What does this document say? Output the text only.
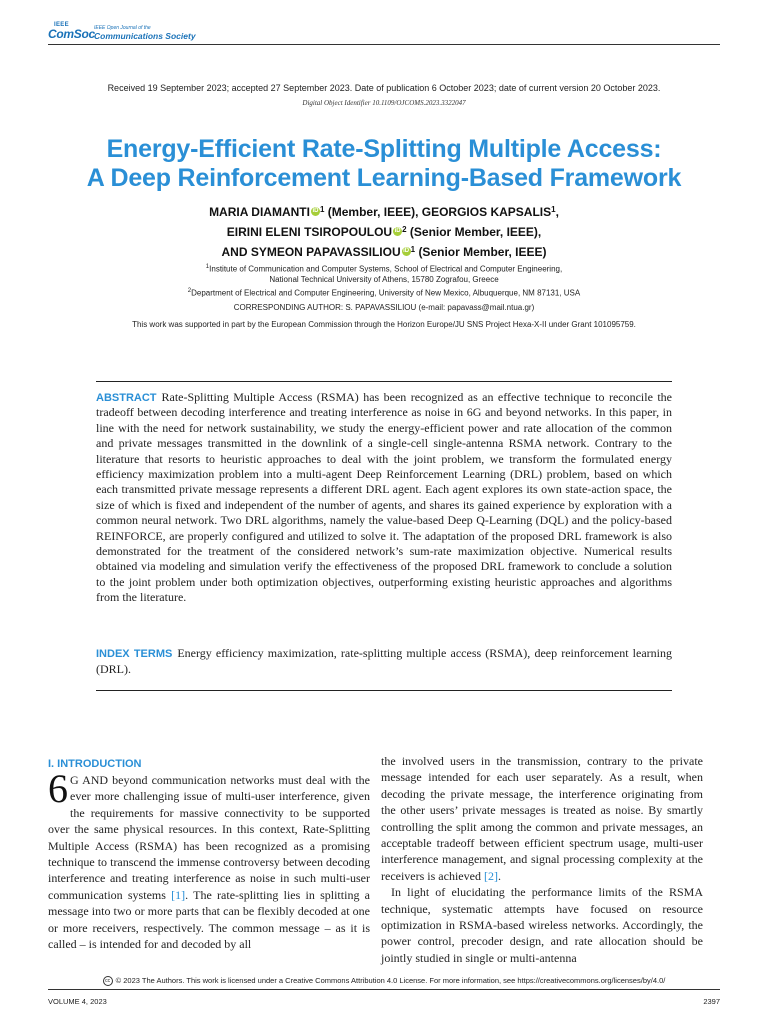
IEEE
ComSoc IEEE Open Journal of the
Communications Society
Received 19 September 2023; accepted 27 September 2023. Date of publication 6 October 2023; date of current version 20 October 2023.
Digital Object Identifier 10.1109/OJCOMS.2023.3322047
Energy-Efficient Rate-Splitting Multiple Access:
A Deep Reinforcement Learning-Based Framework
MARIA DIAMANTI iD $^1$ (Member, IEEE), GEORGIOS KAPSALIS$^1$,
EIRINI ELENI TSIROPOULOU iD $^2$ (Senior Member, IEEE),
AND SYMEON PAPAVASSILIOU iD $^1$ (Senior Member, IEEE)
$^1$Institute of Communication and Computer Systems, School of Electrical and Computer Engineering,
National Technical University of Athens, 15780 Zografou, Greece
$^2$Department of Electrical and Computer Engineering, University of New Mexico, Albuquerque, NM 87131, USA
CORRESPONDING AUTHOR: S. PAPAVASSILIOU (e-mail: papavass@mail.ntua.gr)
This work was supported in part by the European Commission through the Horizon Europe/JU SNS Project Hexa-X-II under Grant 101095759.
ABSTRACT Rate-Splitting Multiple Access (RSMA) has been recognized as an effective technique to reconcile the tradeoff between decoding interference and treating interference as noise in 6G and beyond networks. In this paper, in line with the need for network sustainability, we study the energy-efficient power and rate allocation of the common and private messages transmitted in the downlink of a single-cell single-antenna RSMA network. Contrary to the literature that resorts to heuristic approaches to deal with the joint problem, we transform the formulated energy efficiency maximization problem into a multi-agent Deep Reinforcement Learning (DRL) problem, based on which each transmitted private message represents a different DRL agent. Each agent explores its own state-action space, the size of which is fixed and independent of the number of agents, and shares its gained experience by exploration with a common neural network. Two DRL algorithms, namely the value-based Deep Q-Learning (DQL) and the policy-based REINFORCE, are properly configured and utilized to solve it. The adaptation of the proposed DRL framework is also demonstrated for the treatment of the considered network’s sum-rate maximization objective. Numerical results obtained via modeling and simulation verify the effectiveness of the proposed DRL framework to conclude a solution to the joint problem under both optimization objectives, outperforming existing heuristic approaches and algorithms from the literature.
INDEX TERMS Energy efficiency maximization, rate-splitting multiple access (RSMA), deep reinforcement learning (DRL).
I. INTRODUCTION
6 G AND beyond communication networks must deal with the ever more challenging issue of multi-user interference, given the requirements for massive connectivity to be supported over the same physical resources. In this context, Rate-Splitting Multiple Access (RSMA) has been recognized as a promising technique to transcend the immense controversy between decoding interference and treating interference as noise in such multi-user communication systems [1]. The rate-splitting lies in splitting a message into two or more parts that can be flexibly decoded at one or more receivers, respectively. The common message – as it is called – is intended for and decoded by all
the involved users in the transmission, contrary to the private message intended for each user separately. As a result, when decoding the private message, the interference originating from the other users’ private messages is treated as noise. By smartly controlling the split among the common and private messages, an acceptable tradeoff between efficient spectrum usage, multi-user interference management, and signal processing complexity at the receivers is achieved [2].
In light of elucidating the performance limits of the RSMA technique, systematic attempts have focused on resource optimization in RSMA-based wireless networks. Accordingly, the power control, precoder design, and rate allocation should be jointly studied in single or multi-antenna
cc © 2023 The Authors. This work is licensed under a Creative Commons Attribution 4.0 License. For more information, see https://creativecommons.org/licenses/by/4.0/
VOLUME 4, 2023	2397
